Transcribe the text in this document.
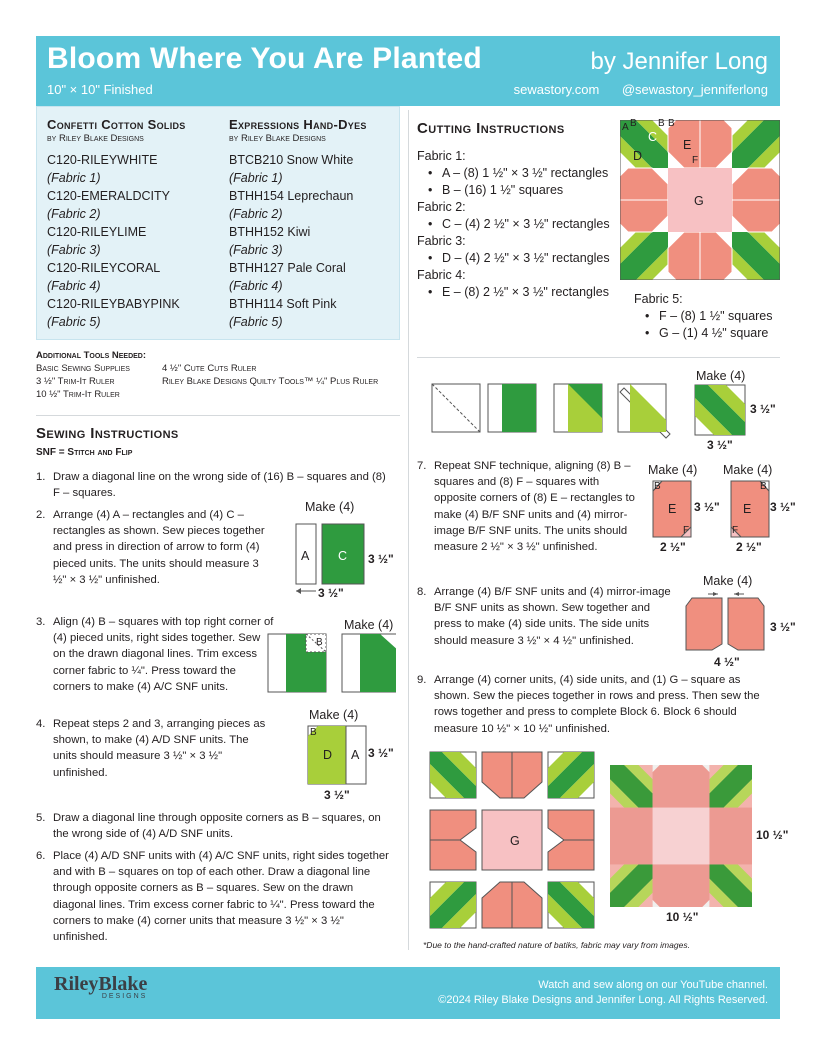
Bloom Where You Are Planted
10" × 10" Finished
by Jennifer Long
sewastory.com @sewastory_jenniferlong
Confetti Cotton Solids
by Riley Blake Designs
C120-RILEYWHITE
(Fabric 1)
C120-EMERALDCITY
(Fabric 2)
C120-RILEYLIME
(Fabric 3)
C120-RILEYCORAL
(Fabric 4)
C120-RILEYBABYPINK
(Fabric 5)
Expressions Hand-Dyes
by Riley Blake Designs
BTCB210 Snow White
(Fabric 1)
BTHH154 Leprechaun
(Fabric 2)
BTHH152 Kiwi
(Fabric 3)
BTHH127 Pale Coral
(Fabric 4)
BTHH114 Soft Pink
(Fabric 5)
Additional Tools Needed:
Basic Sewing Supplies	4 ½" Cute Cuts Ruler
3 ½" Trim-It Ruler	Riley Blake Designs Quilty Tools™ ¼" Plus Ruler
10 ½" Trim-It Ruler
Sewing Instructions
SNF = Stitch and Flip
1. Draw a diagonal line on the wrong side of (16) B – squares and (8) F – squares.
2. Arrange (4) A – rectangles and (4) C – rectangles as shown. Sew pieces together and press in direction of arrow to form (4) pieced units. The units should measure 3 ½" × 3 ½" unfinished.
3. Align (4) B – squares with top right corner of (4) pieced units, right sides together. Sew on the drawn diagonal lines. Trim excess corner fabric to ¼". Press toward the corners to make (4) A/C SNF units.
4. Repeat steps 2 and 3, arranging pieces as shown, to make (4) A/D SNF units. The units should measure 3 ½" × 3 ½" unfinished.
5. Draw a diagonal line through opposite corners as B – squares, on the wrong side of (4) A/D SNF units.
6. Place (4) A/D SNF units with (4) A/C SNF units, right sides together and with B – squares on top of each other. Draw a diagonal line through opposite corners as B – squares. Sew on the drawn diagonal lines. Trim excess corner fabric to ¼". Press toward the corners to make (4) corner units that measure 3 ½" × 3 ½" unfinished.
Make (4)
A C 3 ½"
3 ½"
Make (4)
B
Make (4)
B
D A 3 ½"
3 ½"
Cutting Instructions
Fabric 1:
• A – (8) 1 ½" × 3 ½" rectangles
• B – (16) 1 ½" squares
Fabric 2:
• C – (4) 2 ½" × 3 ½" rectangles
Fabric 3:
• D – (4) 2 ½" × 3 ½" rectangles
Fabric 4:
• E – (8) 2 ½" × 3 ½" rectangles	Fabric 5:
• F – (8) 1 ½" squares
• G – (1) 4 ½" square
A B
C
B B
D
E
F
G
Make (4)
3 ½"
3 ½"
7. Repeat SNF technique, aligning (8) B – squares and (8) F – squares with opposite corners of (8) E – rectangles to make (4) B/F SNF units and (4) mirror-image B/F SNF units. The units should measure 2 ½" × 3 ½" unfinished.
Make (4) Make (4)
B
E
F
3 ½"
2 ½"
B
E
F
3 ½"
2 ½"
8. Arrange (4) B/F SNF units and (4) mirror-image B/F SNF units as shown. Sew together and press to make (4) side units. The side units should measure 3 ½" × 4 ½" unfinished.
Make (4)
3 ½"
4 ½"
9. Arrange (4) corner units, (4) side units, and (1) G – square as shown. Sew the pieces together in rows and press. Then sew the rows together and press to complete Block 6. Block 6 should measure 10 ½" × 10 ½" unfinished.
G	10 ½"
10 ½"
*Due to the hand-crafted nature of batiks, fabric may vary from images.
RileyBlake
DESIGNS
Watch and sew along on our YouTube channel.
©2024 Riley Blake Designs and Jennifer Long. All Rights Reserved.
